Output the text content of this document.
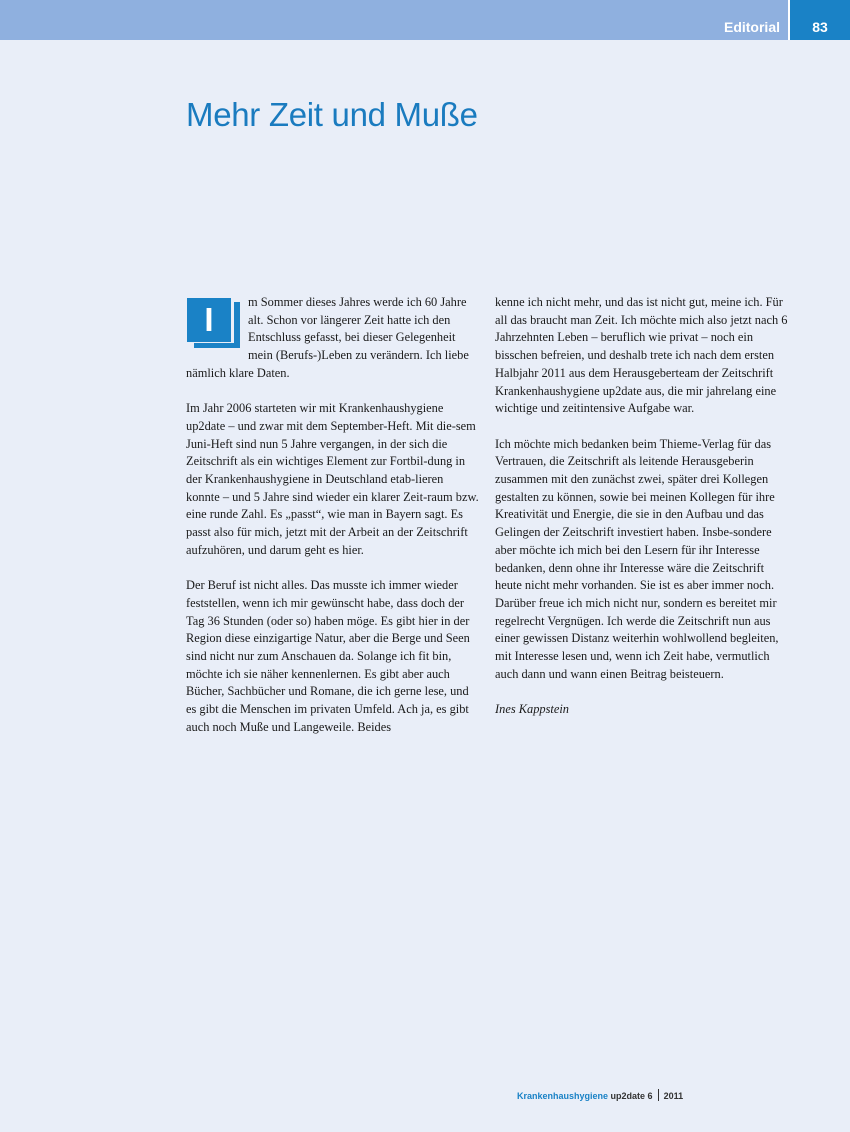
Editorial	83
Mehr Zeit und Muße

I	m Sommer dieses Jahres werde ich 60 Jahre alt. Schon vor längerer Zeit hatte ich den Entschluss gefasst, bei dieser Gelegenheit mein (Berufs-)Leben zu verändern. Ich liebe nämlich klare Daten.

Im Jahr 2006 starteten wir mit Krankenhaushygiene up2date – und zwar mit dem September-Heft. Mit die-sem Juni-Heft sind nun 5 Jahre vergangen, in der sich die Zeitschrift als ein wichtiges Element zur Fortbil-dung in der Krankenhaushygiene in Deutschland etab-lieren konnte – und 5 Jahre sind wieder ein klarer Zeit-raum bzw. eine runde Zahl. Es „passt“, wie man in Bayern sagt. Es passt also für mich, jetzt mit der Arbeit an der Zeitschrift aufzuhören, und darum geht es hier.

Der Beruf ist nicht alles. Das musste ich immer wieder feststellen, wenn ich mir gewünscht habe, dass doch der Tag 36 Stunden (oder so) haben möge. Es gibt hier in der Region diese einzigartige Natur, aber die Berge und Seen sind nicht nur zum Anschauen da. Solange ich fit bin, möchte ich sie näher kennenlernen. Es gibt aber auch Bücher, Sachbücher und Romane, die ich gerne lese, und es gibt die Menschen im privaten Umfeld. Ach ja, es gibt auch noch Muße und Langeweile. Beides

kenne ich nicht mehr, und das ist nicht gut, meine ich. Für all das braucht man Zeit. Ich möchte mich also jetzt nach 6 Jahrzehnten Leben – beruflich wie privat – noch ein bisschen befreien, und deshalb trete ich nach dem ersten Halbjahr 2011 aus dem Herausgeberteam der Zeitschrift Krankenhaushygiene up2date aus, die mir jahrelang eine wichtige und zeitintensive Aufgabe war.

Ich möchte mich bedanken beim Thieme-Verlag für das Vertrauen, die Zeitschrift als leitende Herausgeberin zusammen mit den zunächst zwei, später drei Kollegen gestalten zu können, sowie bei meinen Kollegen für ihre Kreativität und Energie, die sie in den Aufbau und das Gelingen der Zeitschrift investiert haben. Insbe-sondere aber möchte ich mich bei den Lesern für ihr Interesse bedanken, denn ohne ihr Interesse wäre die Zeitschrift heute nicht mehr vorhanden. Sie ist es aber immer noch. Darüber freue ich mich nicht nur, sondern es bereitet mir regelrecht Vergnügen. Ich werde die Zeitschrift nun aus einer gewissen Distanz weiterhin wohlwollend begleiten, mit Interesse lesen und, wenn ich Zeit habe, vermutlich auch dann und wann einen Beitrag beisteuern.

Ines Kappstein

Krankenhaushygiene up2date 6 2011
